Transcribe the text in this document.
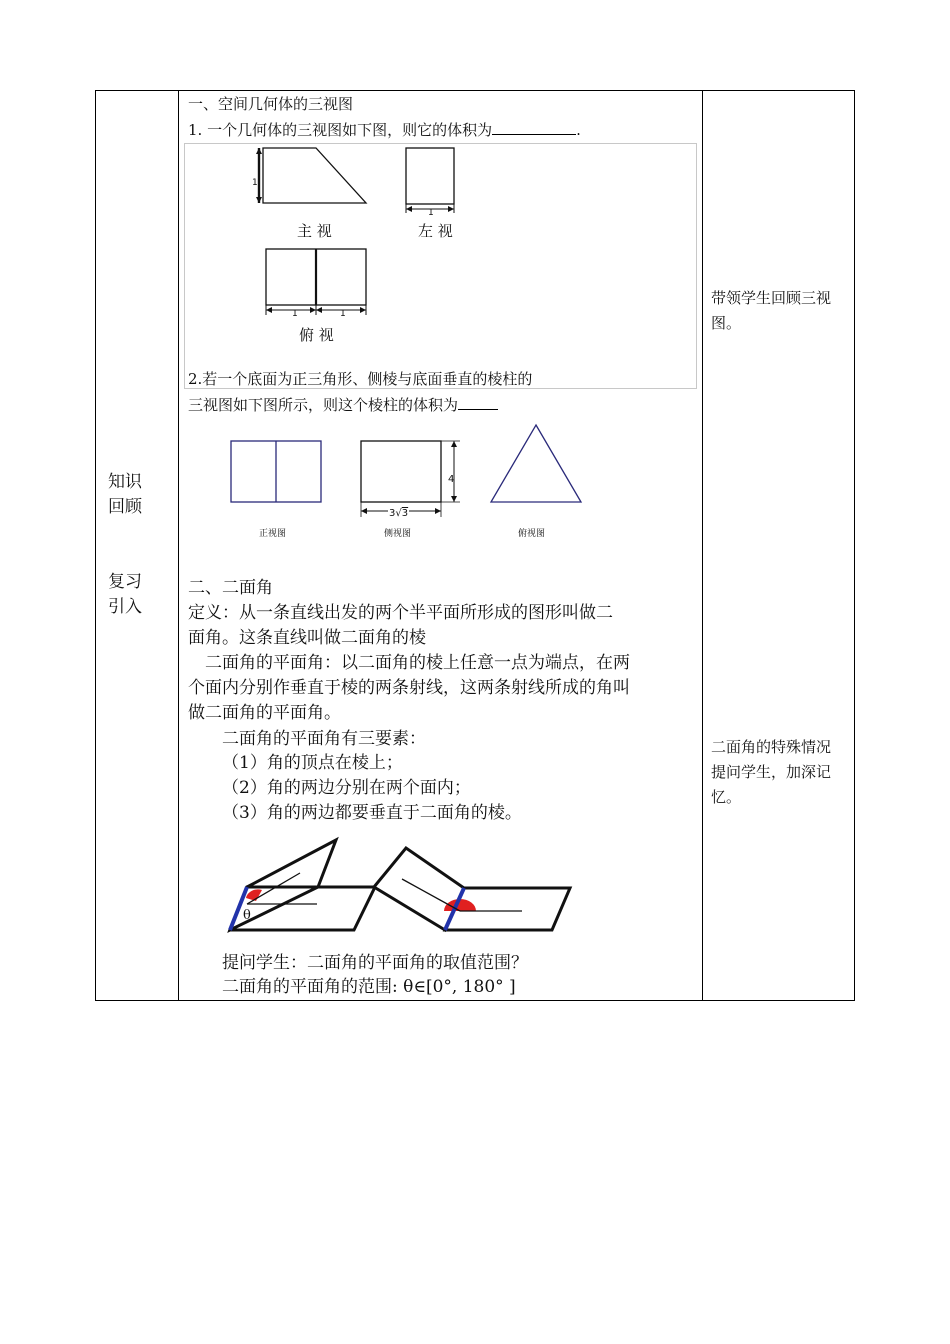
知识
回顾
复习
引入
一、空间几何体的三视图
1. 一个几何体的三视图如下图，则它的体积为	.
1
1
1	1
主 视	左 视
俯 视
2.若一个底面为正三角形、侧棱与底面垂直的棱柱的
三视图如下图所示，则这个棱柱的体积为
4
3√3
正视图	侧视图	俯视图
二、二面角
定义：从一条直线出发的两个半平面所形成的图形叫做二
面角。这条直线叫做二面角的棱
二面角的平面角：以二面角的棱上任意一点为端点，在两
个面内分别作垂直于棱的两条射线，这两条射线所成的角叫
做二面角的平面角。
二面角的平面角有三要素：
（1）角的顶点在棱上；
（2）角的两边分别在两个面内；
（3）角的两边都要垂直于二面角的棱。
θ
提问学生：二面角的平面角的取值范围？
二面角的平面角的范围: θ∈[0°, 180° ]
带领学生回顾三视
图。
二面角的特殊情况
提问学生，加深记
忆。
